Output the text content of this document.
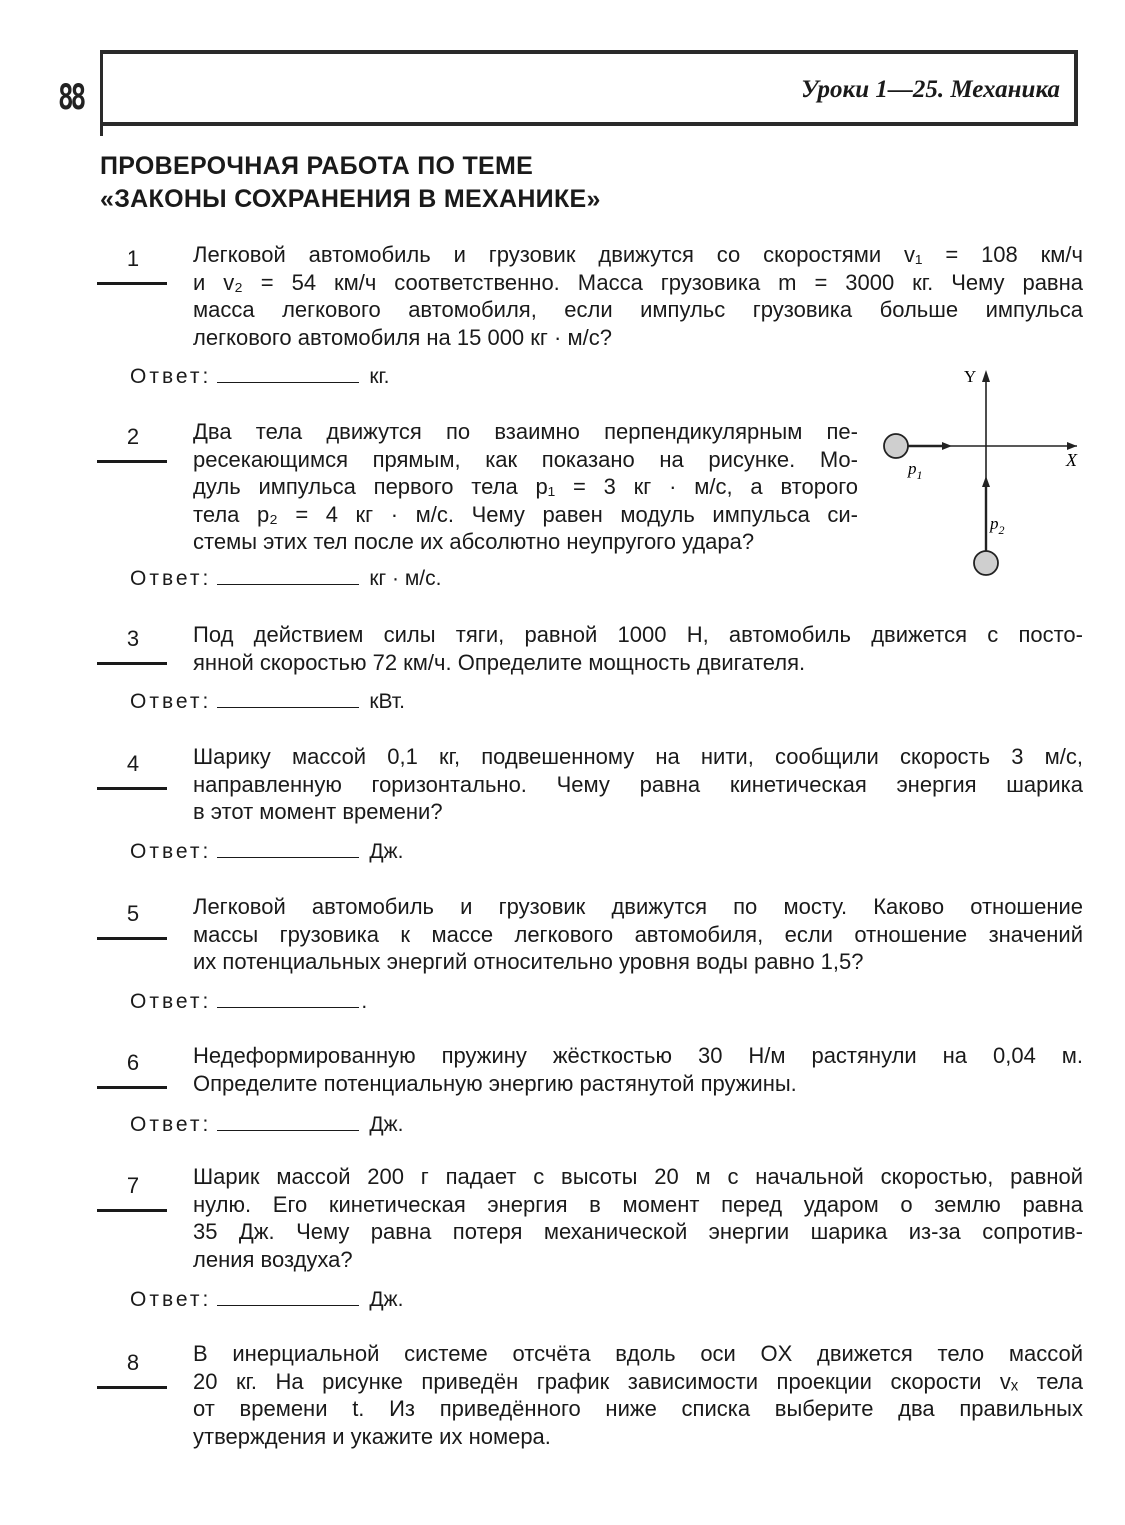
88	Уроки 1—25. Механика
ПРОВЕРОЧНАЯ РАБОТА ПО ТЕМЕ
«ЗАКОНЫ СОХРАНЕНИЯ В МЕХАНИКЕ»
1	Легковой автомобиль и грузовик движутся со скоростями v₁ = 108 км/ч
и v₂ = 54 км/ч соответственно. Масса грузовика m = 3000 кг. Чему равна
масса легкового автомобиля, если импульс грузовика больше импульса
легкового автомобиля на 15 000 кг · м/с?
Ответ:	кг.
2	Два тела движутся по взаимно перпендикулярным пе-
ресекающимся прямым, как показано на рисунке. Мо-
дуль импульса первого тела p₁ = 3 кг · м/с, а второго
тела p₂ = 4 кг · м/с. Чему равен модуль импульса си-
стемы этих тел после их абсолютно неупругого удара?
Ответ:	кг · м/с.
Y
X
$p_1$
$p_2$
3	Под действием силы тяги, равной 1000 Н, автомобиль движется с посто-
янной скоростью 72 км/ч. Определите мощность двигателя.
Ответ:	кВт.
4	Шарику массой 0,1 кг, подвешенному на нити, сообщили скорость 3 м/с,
направленную горизонтально. Чему равна кинетическая энергия шарика
в этот момент времени?
Ответ:	Дж.
5	Легковой автомобиль и грузовик движутся по мосту. Каково отношение
массы грузовика к массе легкового автомобиля, если отношение значений
их потенциальных энергий относительно уровня воды равно 1,5?
Ответ:	.
6	Недеформированную пружину жёсткостью 30 Н/м растянули на 0,04 м.
Определите потенциальную энергию растянутой пружины.
Ответ:	Дж.
7	Шарик массой 200 г падает с высоты 20 м с начальной скоростью, равной
нулю. Его кинетическая энергия в момент перед ударом о землю равна
35 Дж. Чему равна потеря механической энергии шарика из-за сопротив-
ления воздуха?
Ответ:	Дж.
8	В инерциальной системе отсчёта вдоль оси OX движется тело массой
20 кг. На рисунке приведён график зависимости проекции скорости vₓ тела
от времени t. Из приведённого ниже списка выберите два правильных
утверждения и укажите их номера.
